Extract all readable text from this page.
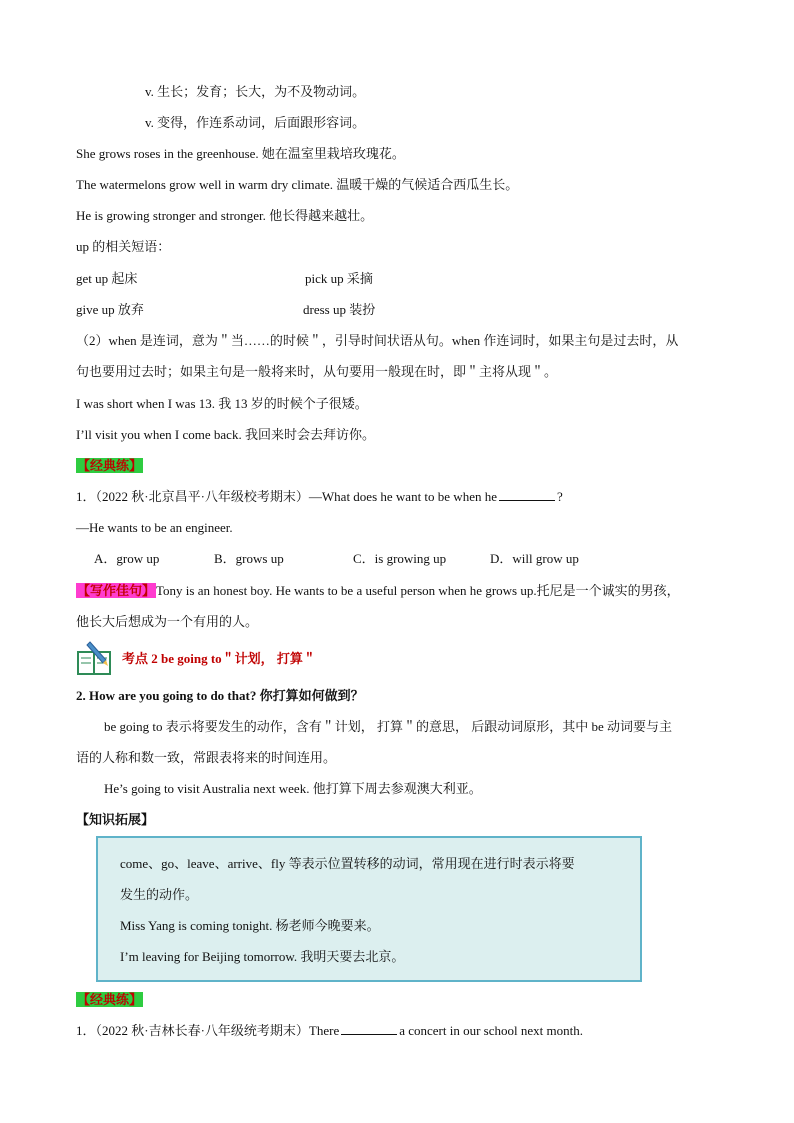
v. 生长；发育；长大，为不及物动词。
v. 变得，作连系动词，后面跟形容词。
She grows roses in the greenhouse. 她在温室里栽培玫瑰花。
The watermelons grow well in warm dry climate. 温暖干燥的气候适合西瓜生长。
He is growing stronger and stronger. 他长得越来越壮。
up 的相关短语：
get up 起床	pick up 采摘
give up 放弃	dress up 装扮
（2）when 是连词，意为＂当……的时候＂，引导时间状语从句。when 作连词时，如果主句是过去时，从
句也要用过去时；如果主句是一般将来时，从句要用一般现在时，即＂主将从现＂。
I was short when I was 13. 我 13 岁的时候个子很矮。
I’ll visit you when I come back. 我回来时会去拜访你。
【经典练】
1．（2022 秋·北京昌平·八年级校考期末）—What does he want to be when he	?
—He wants to be an engineer.
A．grow up	B．grows up	C．is growing up	D．will grow up
【写作佳句】Tony is an honest boy. He wants to be a useful person when he grows up.托尼是一个诚实的男孩，
他长大后想成为一个有用的人。
考点 2 be going to＂计划， 打算＂
2. How are you going to do that? 你打算如何做到？
be going to 表示将要发生的动作，含有＂计划， 打算＂的意思， 后跟动词原形，其中 be 动词要与主
语的人称和数一致，常跟表将来的时间连用。
He’s going to visit Australia next week. 他打算下周去参观澳大利亚。
【知识拓展】
come、go、leave、arrive、fly 等表示位置转移的动词，常用现在进行时表示将要
发生的动作。
Miss Yang is coming tonight. 杨老师今晚要来。
I’m leaving for Beijing tomorrow. 我明天要去北京。
【经典练】
1．（2022 秋·吉林长春·八年级统考期末）There	a concert in our school next month.
